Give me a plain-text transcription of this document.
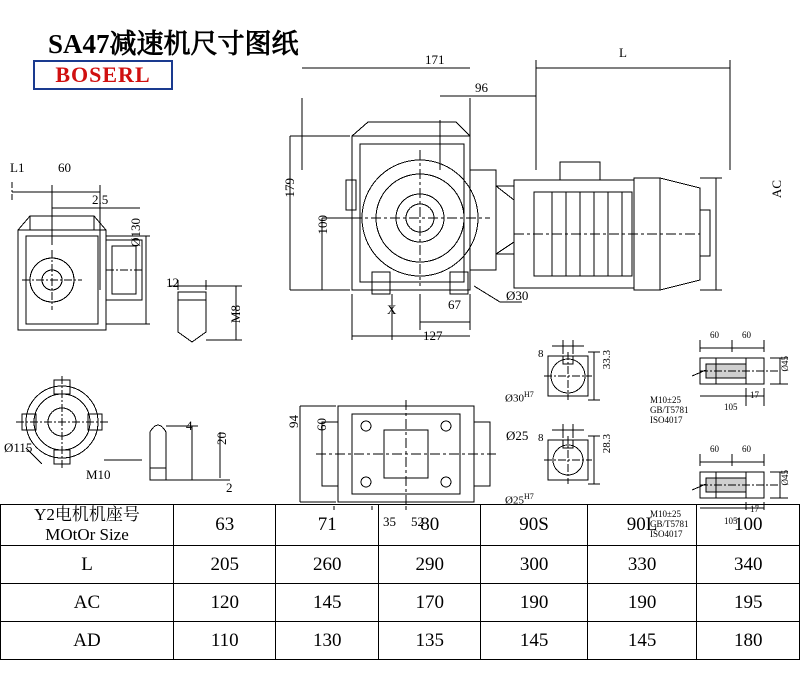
SA47减速机尺寸图纸
BOSERL
171
96
L
179
100
127
67
AC
X
Ø30
L1	60
2.5
Ø130
12
M8
Ø115
M10
4
20
2
94 60
35 52
Ø25
8	33.3
$Ø30^{H7}$
8	28.3
$Ø25^{H7}$
60	60
17
105
Ø45
M10±25
GB/T5781
ISO4017
60	60
17
105
Ø45
M10±25
GB/T5781
ISO4017
Y2电机机座号
MOtOr Size	63	71	80	90S	90L	100
L	205	260	290	300	330	340
AC	120	145	170	190	190	195
AD	110	130	135	145	145	180
